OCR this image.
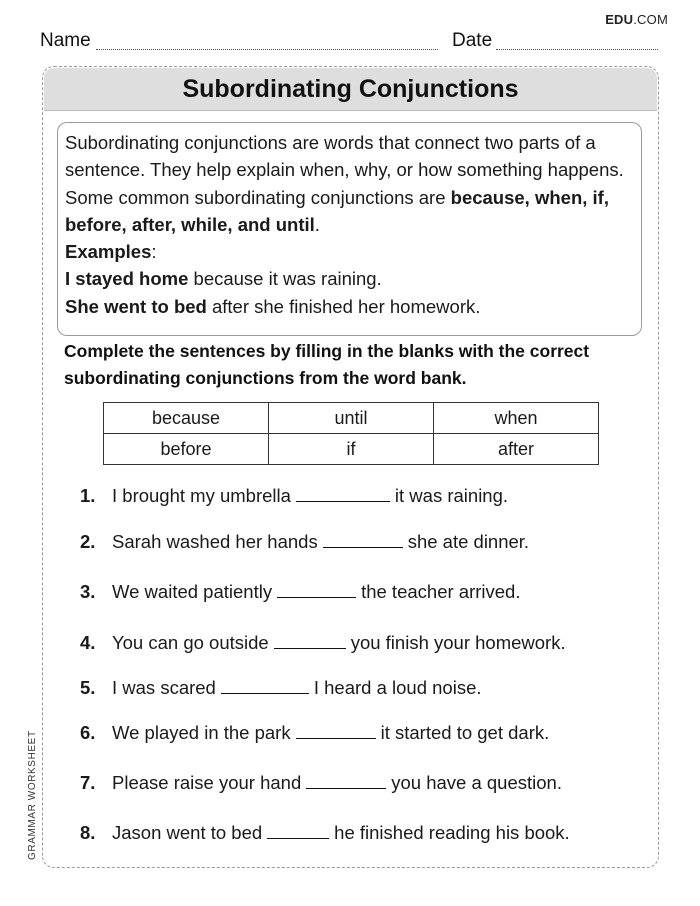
EDU.COM
Name	Date
GRAMMAR WORKSHEET
Subordinating Conjunctions
Subordinating conjunctions are words that connect two parts of a sentence. They help explain when, why, or how something happens. Some common subordinating conjunctions are because, when, if, before, after, while, and until.
Examples:
I stayed home because it was raining.
She went to bed after she finished her homework.
Complete the sentences by filling in the blanks with the correct subordinating conjunctions from the word bank.
because	until	when
before	if	after
1. I brought my umbrella	it was raining.
2. Sarah washed her hands	she ate dinner.
3. We waited patiently	the teacher arrived.
4. You can go outside	you finish your homework.
5. I was scared	I heard a loud noise.
6. We played in the park	it started to get dark.
7. Please raise your hand	you have a question.
8. Jason went to bed	he finished reading his book.
